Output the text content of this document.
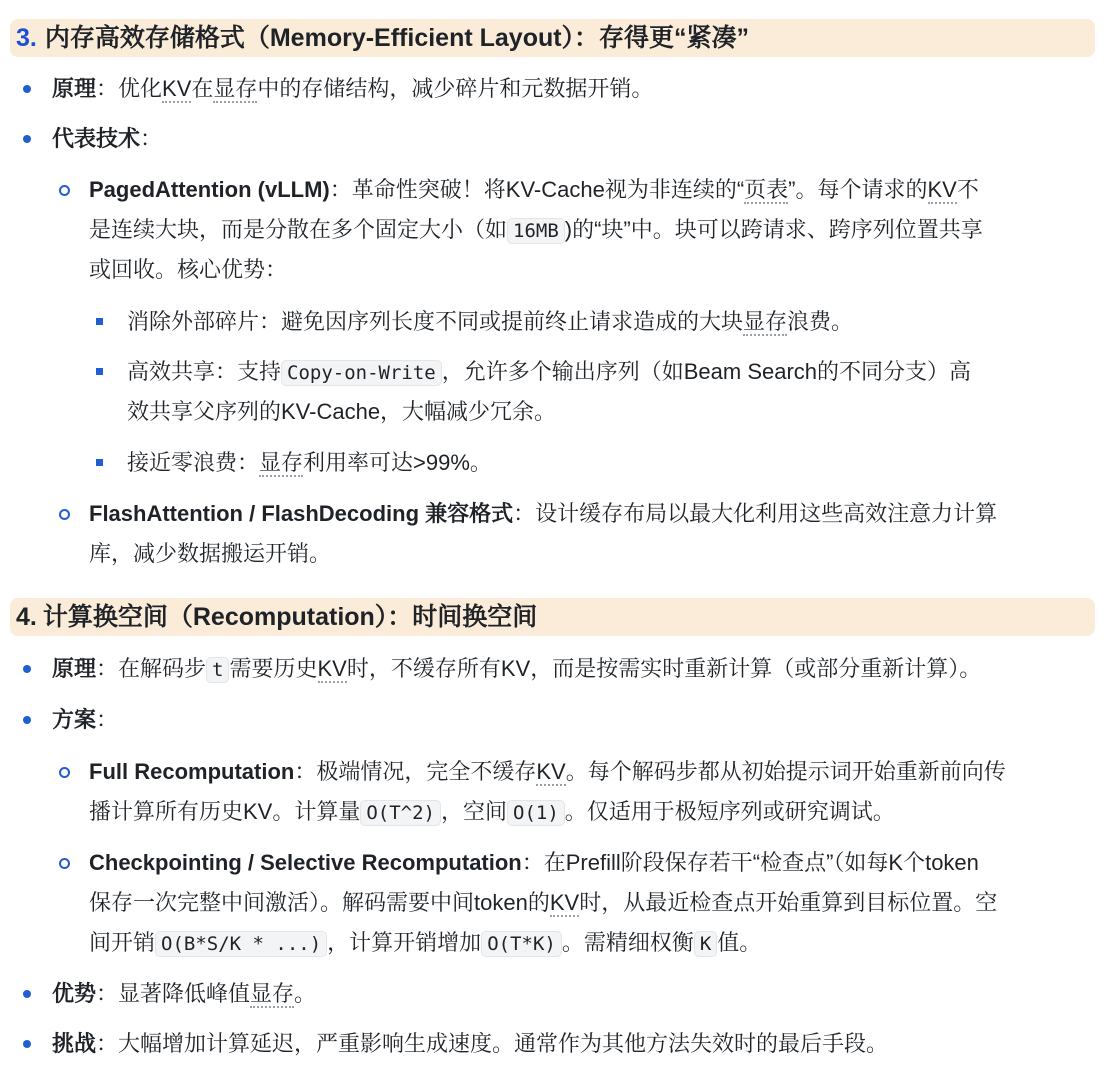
3. 内存高效存储格式（Memory-Efficient Layout）：存得更“紧凑”
原理：优化KV在显存中的存储结构，减少碎片和元数据开销。
代表技术：
PagedAttention (vLLM)：革命性突破！将KV-Cache视为非连续的“页表”。每个请求的KV不
是连续大块，而是分散在多个固定大小（如 16MB )的“块”中。块可以跨请求、跨序列位置共享
或回收。核心优势：
消除外部碎片：避免因序列长度不同或提前终止请求造成的大块显存浪费。
高效共享：支持 Copy-on-Write ，允许多个输出序列（如Beam Search的不同分支）高
效共享父序列的KV-Cache，大幅减少冗余。
接近零浪费：显存利用率可达>99%。
FlashAttention / FlashDecoding 兼容格式：设计缓存布局以最大化利用这些高效注意力计算
库，减少数据搬运开销。
4. 计算换空间（Recomputation）：时间换空间
原理：在解码步 t 需要历史KV时，不缓存所有KV，而是按需实时重新计算（或部分重新计算）。
方案：
Full Recomputation：极端情况，完全不缓存KV。每个解码步都从初始提示词开始重新前向传
播计算所有历史KV。计算量 O(T^2) ，空间 O(1) 。仅适用于极短序列或研究调试。
Checkpointing / Selective Recomputation：在Prefill阶段保存若干“检查点”（如每K个token
保存一次完整中间激活）。解码需要中间token的KV时，从最近检查点开始重算到目标位置。空
间开销 O(B*S/K * ...) ，计算开销增加 O(T*K) 。需精细权衡 K 值。
优势：显著降低峰值显存。
挑战：大幅增加计算延迟，严重影响生成速度。通常作为其他方法失效时的最后手段。
